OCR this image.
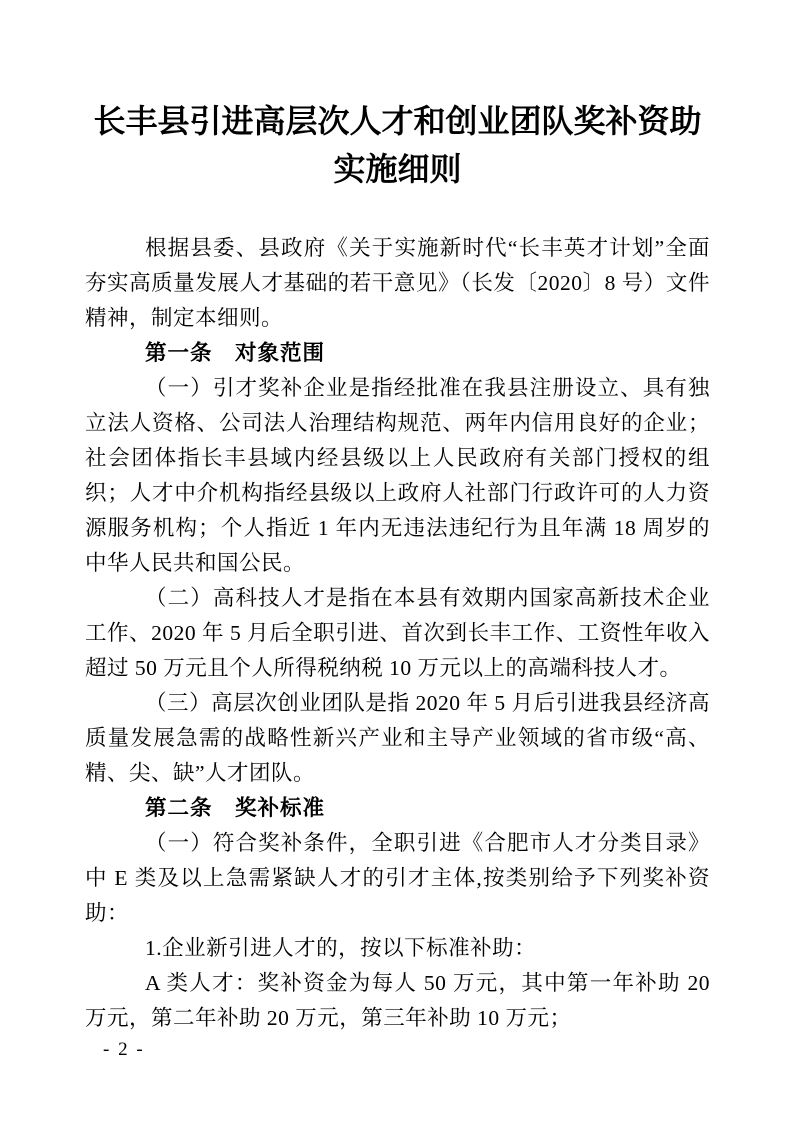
长丰县引进高层次人才和创业团队奖补资助
实施细则

根据县委、县政府《关于实施新时代“长丰英才计划”全面夯实高质量发展人才基础的若干意见》（长发〔2020〕8 号）文件精神，制定本细则。

第一条　对象范围

（一）引才奖补企业是指经批准在我县注册设立、具有独立法人资格、公司法人治理结构规范、两年内信用良好的企业；社会团体指长丰县域内经县级以上人民政府有关部门授权的组织；人才中介机构指经县级以上政府人社部门行政许可的人力资源服务机构；个人指近 1 年内无违法违纪行为且年满 18 周岁的中华人民共和国公民。

（二）高科技人才是指在本县有效期内国家高新技术企业工作、2020 年 5 月后全职引进、首次到长丰工作、工资性年收入超过 50 万元且个人所得税纳税 10 万元以上的高端科技人才。

（三）高层次创业团队是指 2020 年 5 月后引进我县经济高质量发展急需的战略性新兴产业和主导产业领域的省市级“高、精、尖、缺”人才团队。

第二条　奖补标准

（一）符合奖补条件，全职引进《合肥市人才分类目录》中 E 类及以上急需紧缺人才的引才主体,按类别给予下列奖补资助：

1.企业新引进人才的，按以下标准补助：

A 类人才：奖补资金为每人 50 万元，其中第一年补助 20 万元，第二年补助 20 万元，第三年补助 10 万元；

- 2 -
